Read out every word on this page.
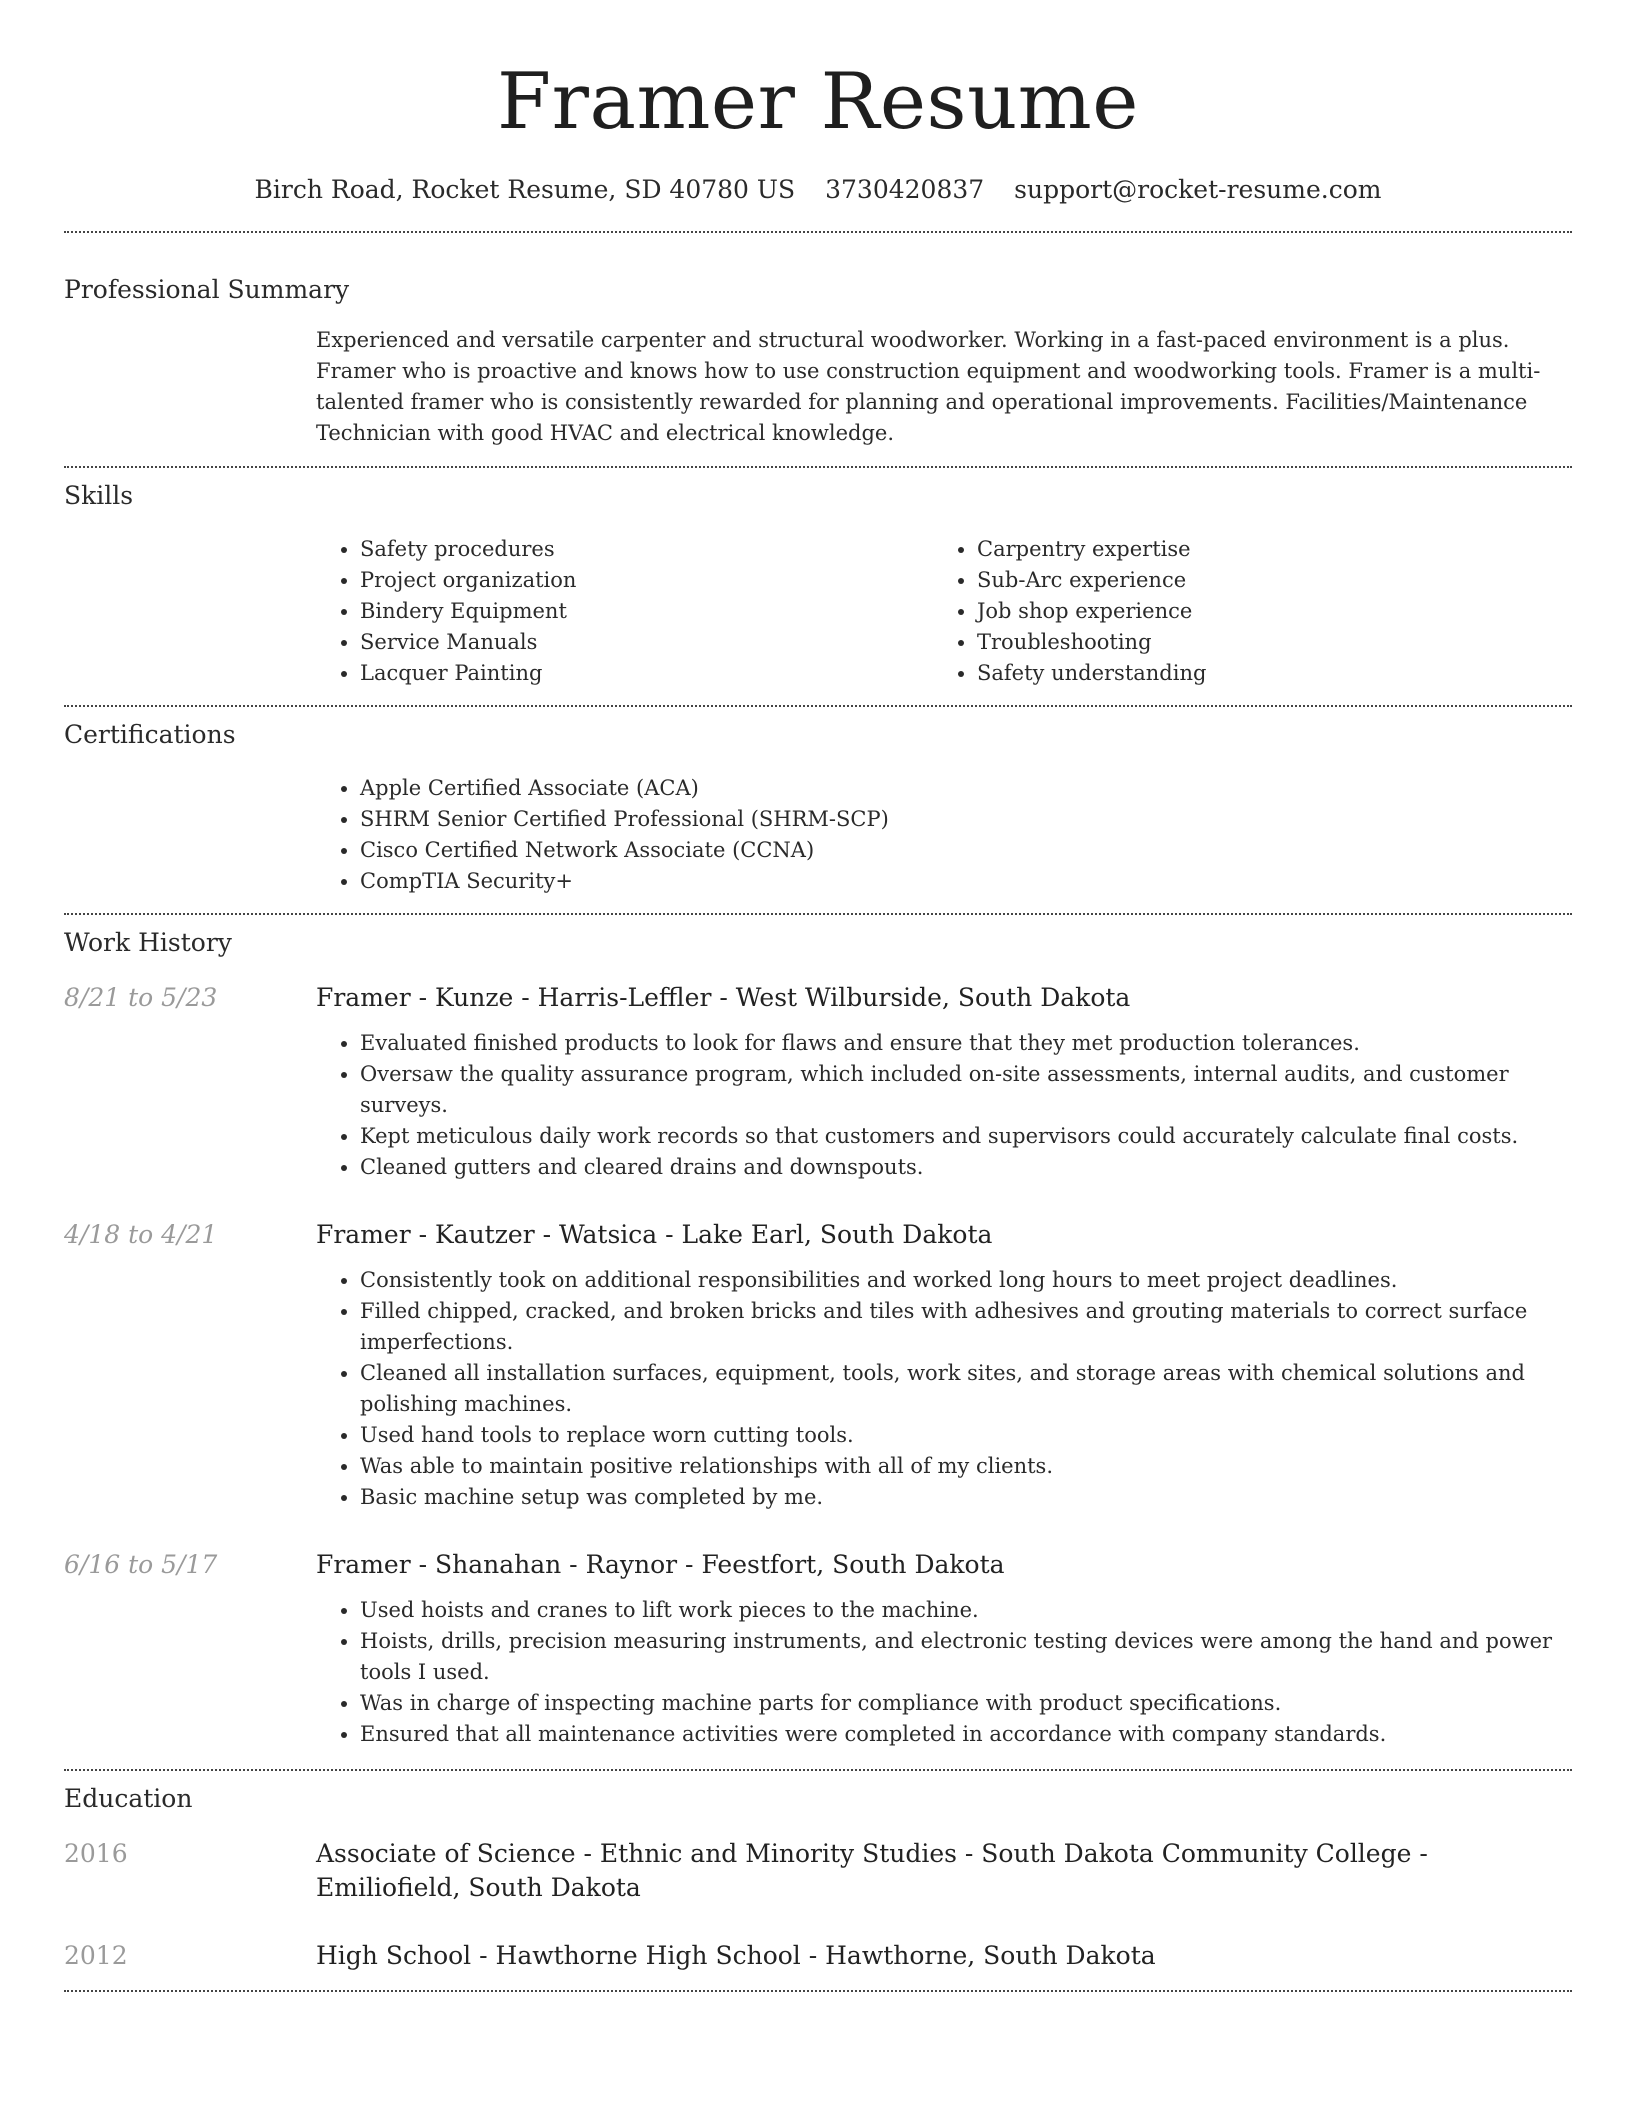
Framer Resume
Birch Road, Rocket Resume, SD 40780 US 3730420837 support@rocket-resume.com
Professional Summary

Experienced and versatile carpenter and structural woodworker. Working in a fast-paced environment is a plus. Framer who is proactive and knows how to use construction equipment and woodworking tools. Framer is a multi-talented framer who is consistently rewarded for planning and operational improvements. Facilities/Maintenance Technician with good HVAC and electrical knowledge.

Skills
• Safety procedures
• Project organization
• Bindery Equipment
• Service Manuals
• Lacquer Painting
• Carpentry expertise
• Sub-Arc experience
• Job shop experience
• Troubleshooting
• Safety understanding
Certifications
• Apple Certified Associate (ACA)
• SHRM Senior Certified Professional (SHRM-SCP)
• Cisco Certified Network Associate (CCNA)
• CompTIA Security+
Work History
8/21 to 5/23	Framer - Kunze - Harris-Leffler - West Wilburside, South Dakota
• Evaluated finished products to look for flaws and ensure that they met production tolerances.
• Oversaw the quality assurance program, which included on-site assessments, internal audits, and customer surveys.
• Kept meticulous daily work records so that customers and supervisors could accurately calculate final costs.
• Cleaned gutters and cleared drains and downspouts.
4/18 to 4/21	Framer - Kautzer - Watsica - Lake Earl, South Dakota
• Consistently took on additional responsibilities and worked long hours to meet project deadlines.
• Filled chipped, cracked, and broken bricks and tiles with adhesives and grouting materials to correct surface imperfections.
• Cleaned all installation surfaces, equipment, tools, work sites, and storage areas with chemical solutions and polishing machines.
• Used hand tools to replace worn cutting tools.
• Was able to maintain positive relationships with all of my clients.
• Basic machine setup was completed by me.
6/16 to 5/17	Framer - Shanahan - Raynor - Feestfort, South Dakota
• Used hoists and cranes to lift work pieces to the machine.
• Hoists, drills, precision measuring instruments, and electronic testing devices were among the hand and power tools I used.
• Was in charge of inspecting machine parts for compliance with product specifications.
• Ensured that all maintenance activities were completed in accordance with company standards.
Education
2016	Associate of Science - Ethnic and Minority Studies - South Dakota Community College - Emiliofield, South Dakota
2012	High School - Hawthorne High School - Hawthorne, South Dakota
